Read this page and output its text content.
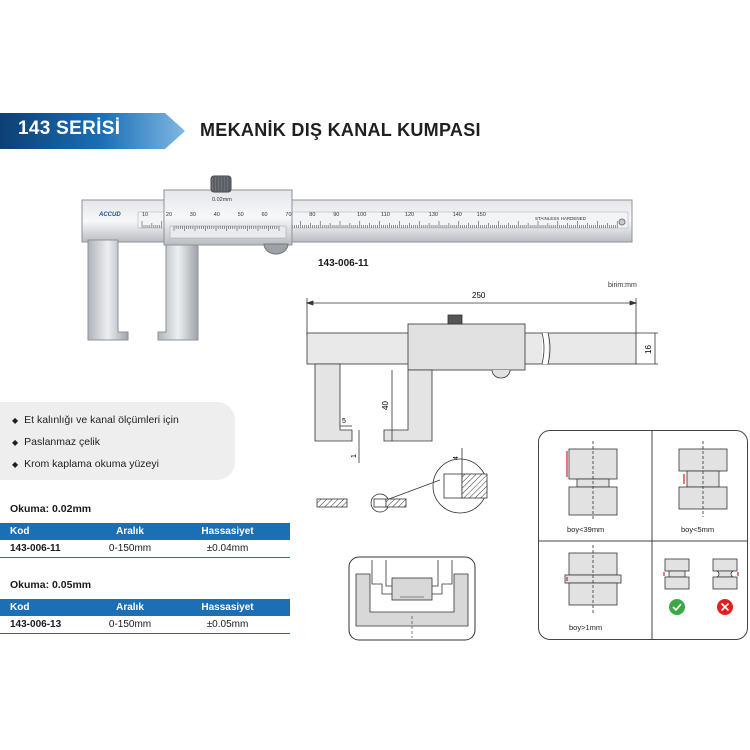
143 SERİSİ	MEKANİK DIŞ KANAL KUMPASI
ACCUD
0.02mm
STAINLESS HARDENED
10	20	30	40	50	60	70	80	90	100	110	120	130	140	150
143-006-11
birim:mm
250
16
40
5
1
4
◆ Et kalınlığı ve kanal ölçümleri için
◆ Paslanmaz çelik
◆ Krom kaplama okuma yüzeyi
Okuma: 0.02mm
Kod	Aralık	Hassasiyet
143-006-11	0-150mm	±0.04mm
Okuma: 0.05mm
Kod	Aralık	Hassasiyet
143-006-13	0-150mm	±0.05mm
boy<39mm	boy<5mm
boy>1mm
